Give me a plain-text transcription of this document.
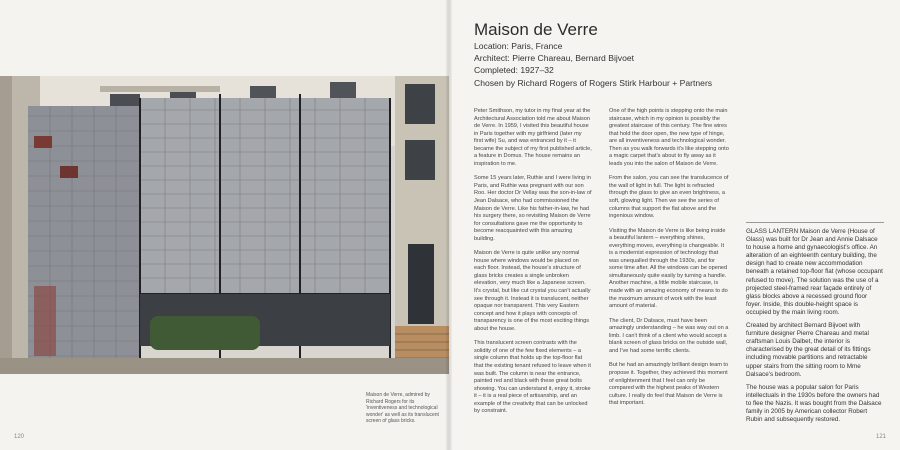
Maison de Verre, admired by Richard Rogers for its 'inventiveness and technological wonder' as well as its translucent screen of glass bricks.
120
Maison de Verre
Location: Paris, France
Architect: Pierre Chareau, Bernard Bijvoet
Completed: 1927–32
Chosen by Richard Rogers of Rogers Stirk Harbour + Partners

Peter Smithson, my tutor in my final year at the Architectural Association told me about Maison de Verre. In 1959, I visited this beautiful house in Paris together with my girlfriend (later my first wife) Su, and was entranced by it – it became the subject of my first published article, a feature in Domus. The house remains an inspiration to me.

Some 15 years later, Ruthie and I were living in Paris, and Ruthie was pregnant with our son Roo. Her doctor Dr Vellay was the son-in-law of Jean Dalsace, who had commissioned the Maison de Verre. Like his father-in-law, he had his surgery there, so revisiting Maison de Verre for consultations gave me the opportunity to become reacquainted with this amazing building.

Maison de Verre is quite unlike any normal house where windows would be placed on each floor. Instead, the house's structure of glass bricks creates a single unbroken elevation, very much like a Japanese screen. It's crystal, but like cut crystal you can't actually see through it. Instead it is translucent, neither opaque nor transparent. This very Eastern concept and how it plays with concepts of transparency is one of the most exciting things about the house.

This translucent screen contrasts with the solidity of one of the few fixed elements – a single column that holds up the top-floor flat that the existing tenant refused to leave when it was built. The column is near the entrance, painted red and black with these great bolts showing. You can understand it, enjoy it, stroke it – it is a real piece of artisanship, and an example of the creativity that can be unlocked by constraint.

One of the high points is stepping onto the main staircase, which in my opinion is possibly the greatest staircase of this century. The fine wires that hold the door open, the new type of hinge, are all inventiveness and technological wonder. Then as you walk forwards it's like stepping onto a magic carpet that's about to fly away as it leads you into the salon of Maison de Verre.

From the salon, you can see the translucence of the wall of light in full. The light is refracted through the glass to give an even brightness, a soft, glowing light. Then we see the series of columns that support the flat above and the ingenious window.

Visiting the Maison de Verre is like being inside a beautiful lantern – everything shines, everything moves, everything is changeable. It is a modernist expression of technology that was unequalled through the 1930s, and for some time after. All the windows can be opened simultaneously quite easily by turning a handle. Another machine, a little mobile staircase, is made with an amazing economy of means to do the maximum amount of work with the least amount of material.

The client, Dr Dalsace, must have been amazingly understanding – he was way out on a limb. I can't think of a client who would accept a blank screen of glass bricks on the outside wall, and I've had some terrific clients.

But he had an amazingly brilliant design team to propose it. Together, they achieved this moment of enlightenment that I feel can only be compared with the highest peaks of Western culture. I really do feel that Maison de Verre is that important.

GLASS LANTERN Maison de Verre (House of Glass) was built for Dr Jean and Annie Dalsace to house a home and gynaecologist's office. An alteration of an eighteenth century building, the design had to create new accommodation beneath a retained top-floor flat (whose occupant refused to move). The solution was the use of a projected steel-framed rear façade entirely of glass blocks above a recessed ground floor foyer. Inside, this double-height space is occupied by the main living room.

Created by architect Bernard Bijvoet with furniture designer Pierre Chareau and metal craftsman Louis Dalbet, the interior is characterised by the great detail of its fittings including movable partitions and retractable upper stairs from the sitting room to Mme Dalsace's bedroom.

The house was a popular salon for Paris intellectuals in the 1930s before the owners had to flee the Nazis. It was bought from the Dalsace family in 2005 by American collector Robert Rubin and subsequently restored.

121
